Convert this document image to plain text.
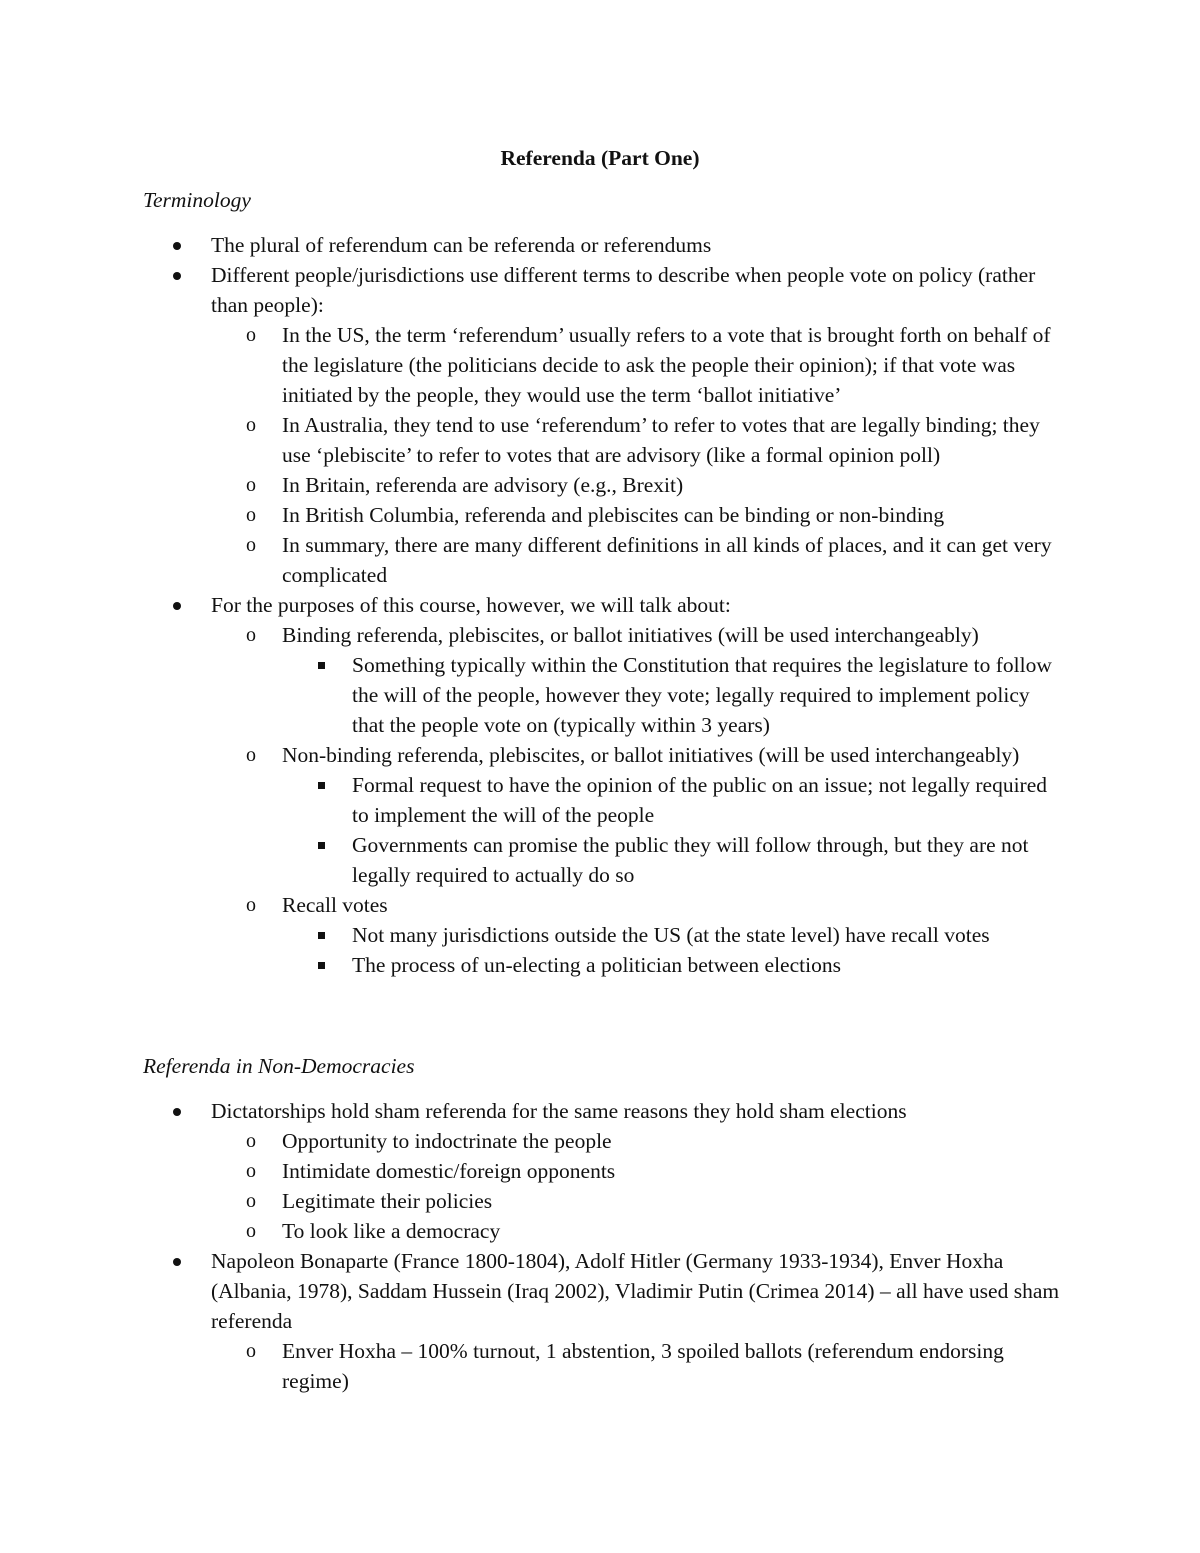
Referenda (Part One)
Terminology
The plural of referendum can be referenda or referendums
Different people/jurisdictions use different terms to describe when people vote on policy (rather than people):
o In the US, the term ‘referendum’ usually refers to a vote that is brought forth on behalf of the legislature (the politicians decide to ask the people their opinion); if that vote was initiated by the people, they would use the term ‘ballot initiative’
o In Australia, they tend to use ‘referendum’ to refer to votes that are legally binding; they use ‘plebiscite’ to refer to votes that are advisory (like a formal opinion poll)
o In Britain, referenda are advisory (e.g., Brexit)
o In British Columbia, referenda and plebiscites can be binding or non-binding
o In summary, there are many different definitions in all kinds of places, and it can get very complicated
For the purposes of this course, however, we will talk about:
o Binding referenda, plebiscites, or ballot initiatives (will be used interchangeably)
Something typically within the Constitution that requires the legislature to follow the will of the people, however they vote; legally required to implement policy that the people vote on (typically within 3 years)
o Non-binding referenda, plebiscites, or ballot initiatives (will be used interchangeably)
Formal request to have the opinion of the public on an issue; not legally required to implement the will of the people
Governments can promise the public they will follow through, but they are not legally required to actually do so
o Recall votes
Not many jurisdictions outside the US (at the state level) have recall votes
The process of un-electing a politician between elections
Referenda in Non-Democracies
Dictatorships hold sham referenda for the same reasons they hold sham elections
o Opportunity to indoctrinate the people
o Intimidate domestic/foreign opponents
o Legitimate their policies
o To look like a democracy
Napoleon Bonaparte (France 1800-1804), Adolf Hitler (Germany 1933-1934), Enver Hoxha (Albania, 1978), Saddam Hussein (Iraq 2002), Vladimir Putin (Crimea 2014) – all have used sham referenda
o Enver Hoxha – 100% turnout, 1 abstention, 3 spoiled ballots (referendum endorsing regime)
